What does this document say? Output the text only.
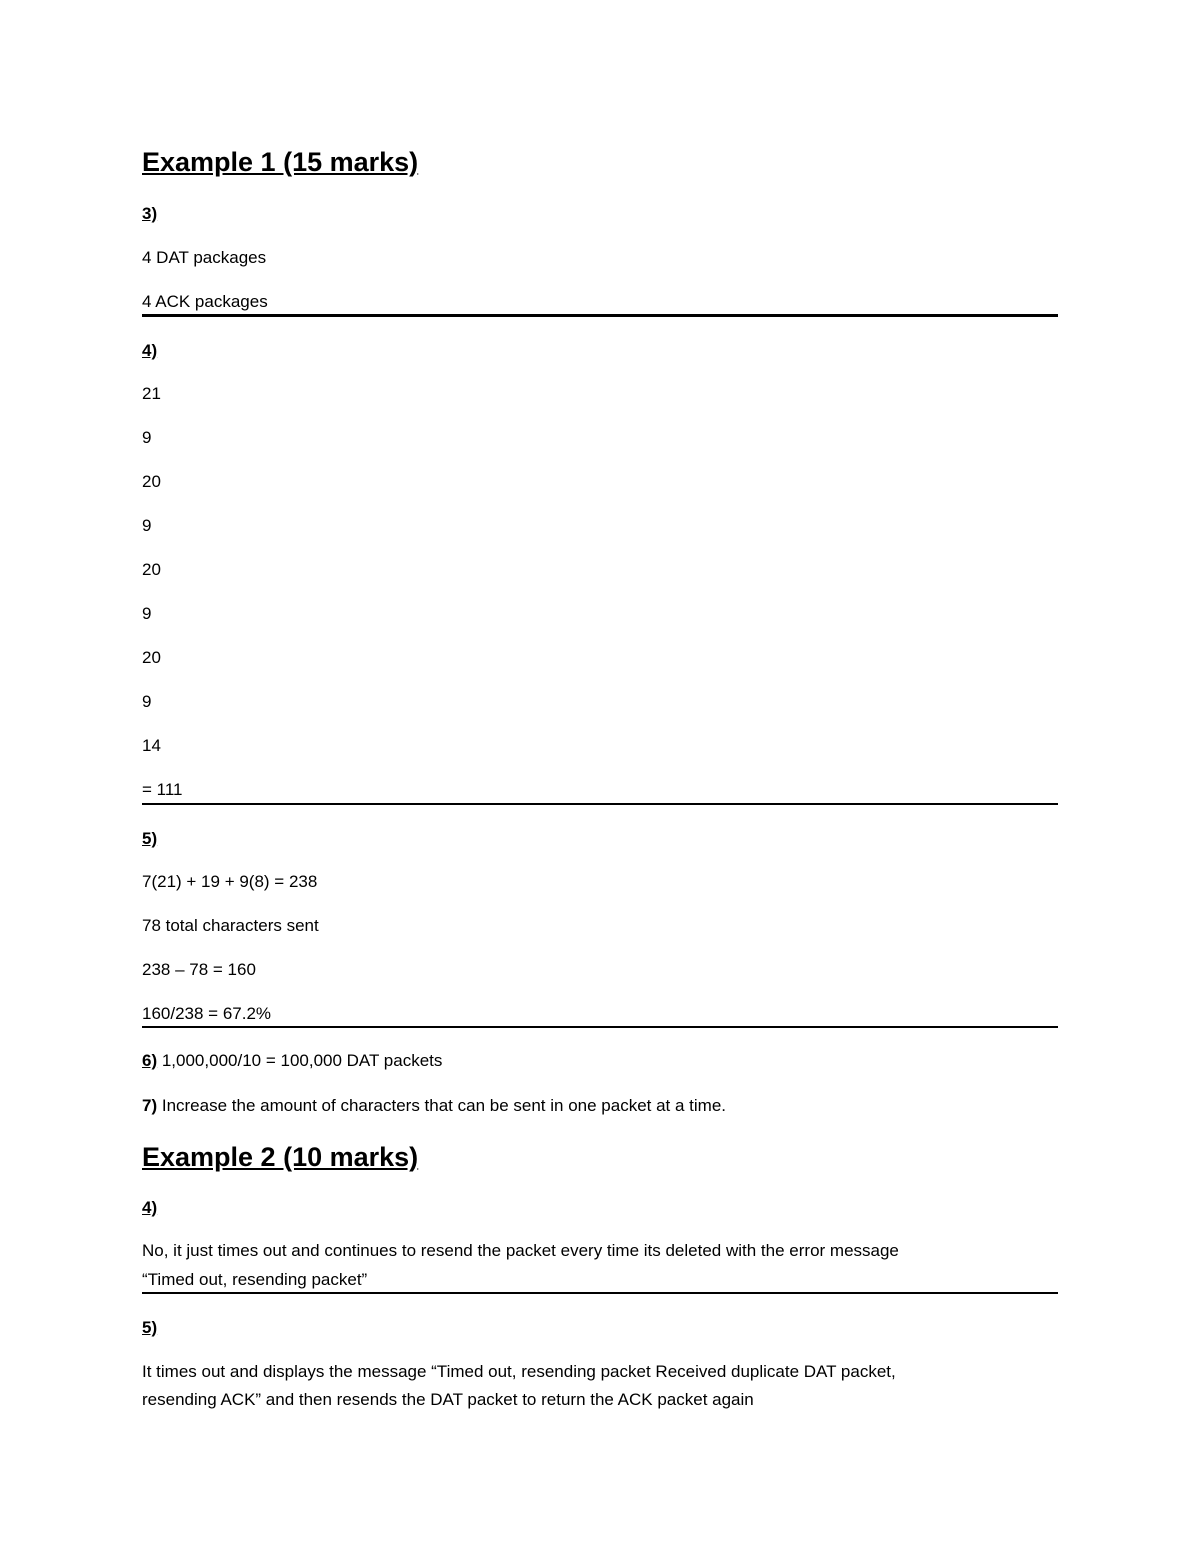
Example 1 (15 marks)
3)
4 DAT packages
4 ACK packages
4)
21
9
20
9
20
9
20
9
14
= 111
5)
7(21) + 19 + 9(8) = 238
78 total characters sent
238 – 78 = 160
160/238 = 67.2%
6) 1,000,000/10 = 100,000 DAT packets
7) Increase the amount of characters that can be sent in one packet at a time.
Example 2 (10 marks)
4)
No, it just times out and continues to resend the packet every time its deleted with the error message
“Timed out, resending packet”
5)
It times out and displays the message “Timed out, resending packet Received duplicate DAT packet,
resending ACK” and then resends the DAT packet to return the ACK packet again
